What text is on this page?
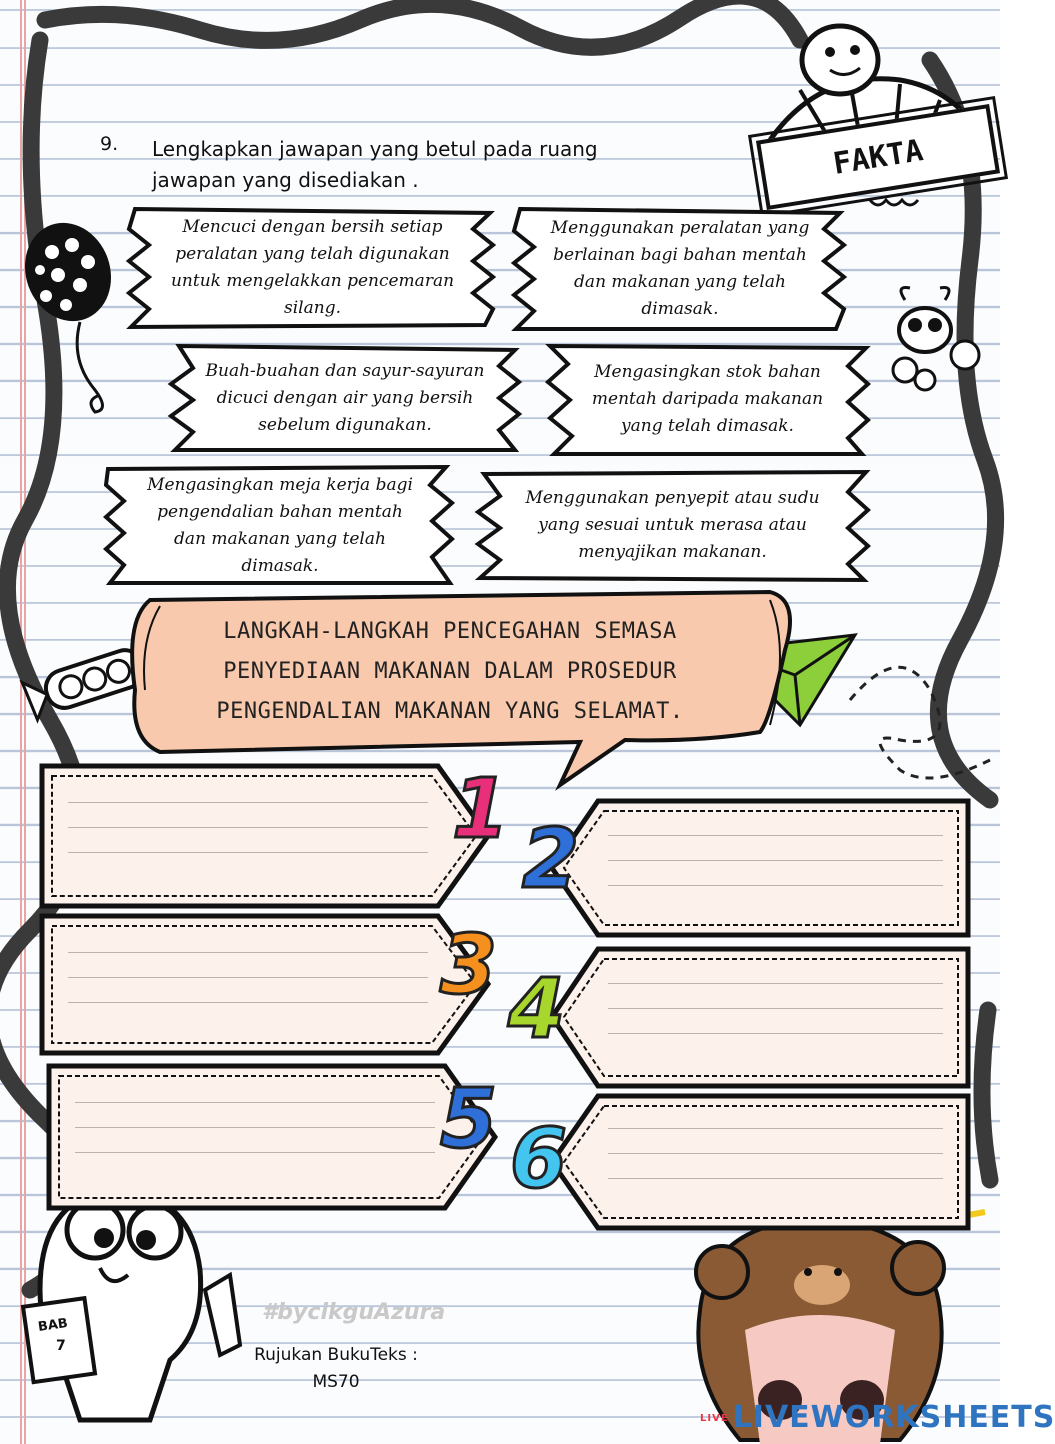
9. Lengkapkan jawapan yang betul pada ruang jawapan yang disediakan .	FAKTA
Mencuci dengan bersih setiap peralatan yang telah digunakan untuk mengelakkan pencemaran silang.
Menggunakan peralatan yang berlainan bagi bahan mentah dan makanan yang telah dimasak.
Buah-buahan dan sayur-sayuran dicuci dengan air yang bersih sebelum digunakan.
Mengasingkan stok bahan mentah daripada makanan yang telah dimasak.
Mengasingkan meja kerja bagi pengendalian bahan mentah dan makanan yang telah dimasak.
Menggunakan penyepit atau sudu yang sesuai untuk merasa atau menyajikan makanan.
LANGKAH-LANGKAH PENCEGAHAN SEMASA
PENYEDIAAN MAKANAN DALAM PROSEDUR
PENGENDALIAN MAKANAN YANG SELAMAT.
1
2
3 4
5 6
BAB
7
#bycikguAzura
Rujukan BukuTeks :
MS70
LIVE LIVEWORKSHEETS
